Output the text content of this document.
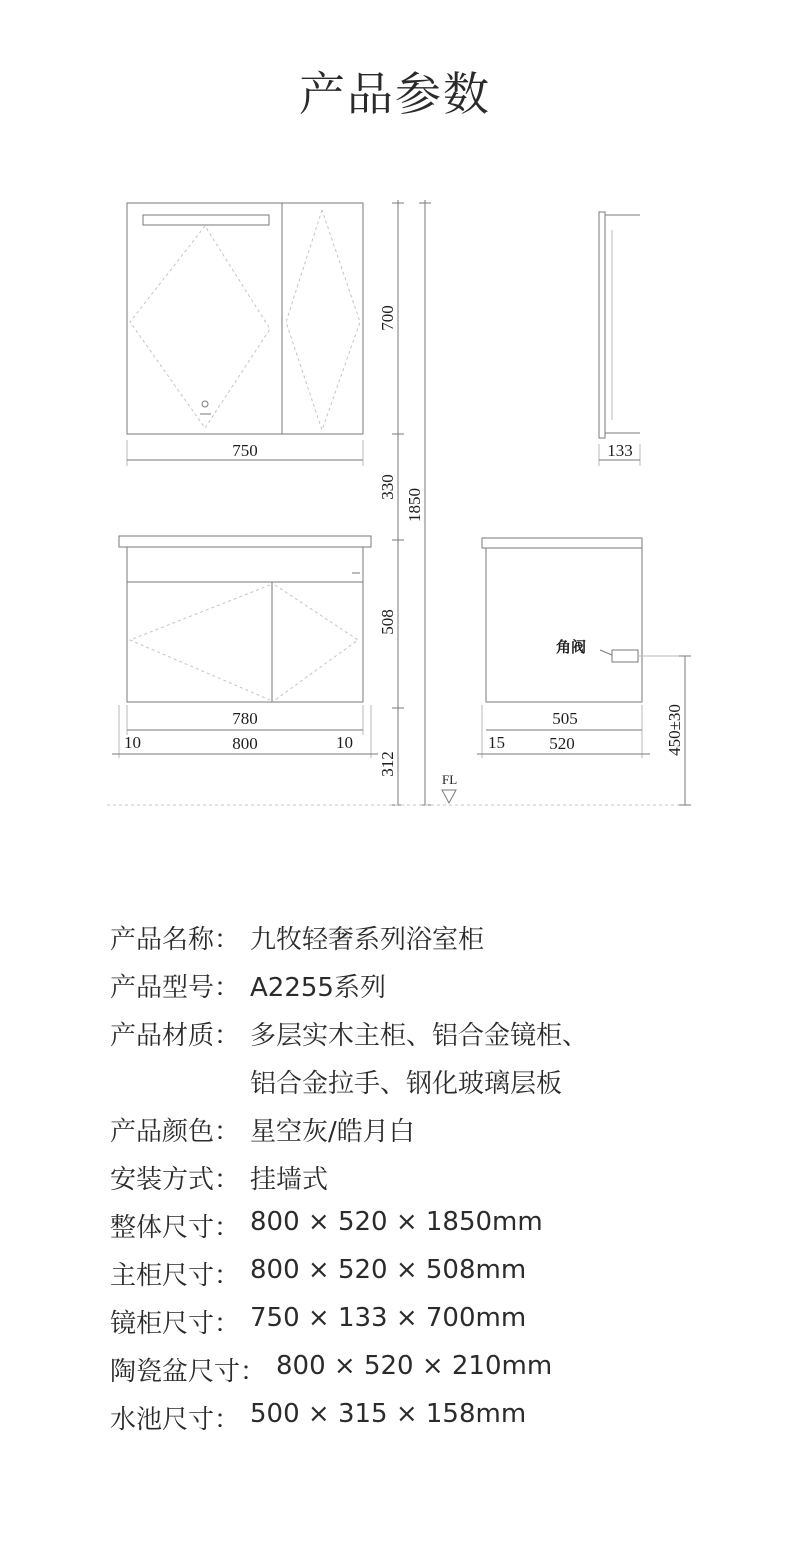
产品参数
750	133
700
330
1850
508
312
780
10	800	10
FL
角阀
505
15	520	450±30
产品名称： 九牧轻奢系列浴室柜
产品型号： A2255系列
产品材质： 多层实木主柜、铝合金镜柜、
铝合金拉手、钢化玻璃层板
产品颜色： 星空灰/皓月白
安装方式： 挂墙式
整体尺寸： 800 × 520 × 1850mm
主柜尺寸： 800 × 520 × 508mm
镜柜尺寸： 750 × 133 × 700mm
陶瓷盆尺寸： 800 × 520 × 210mm
水池尺寸： 500 × 315 × 158mm
